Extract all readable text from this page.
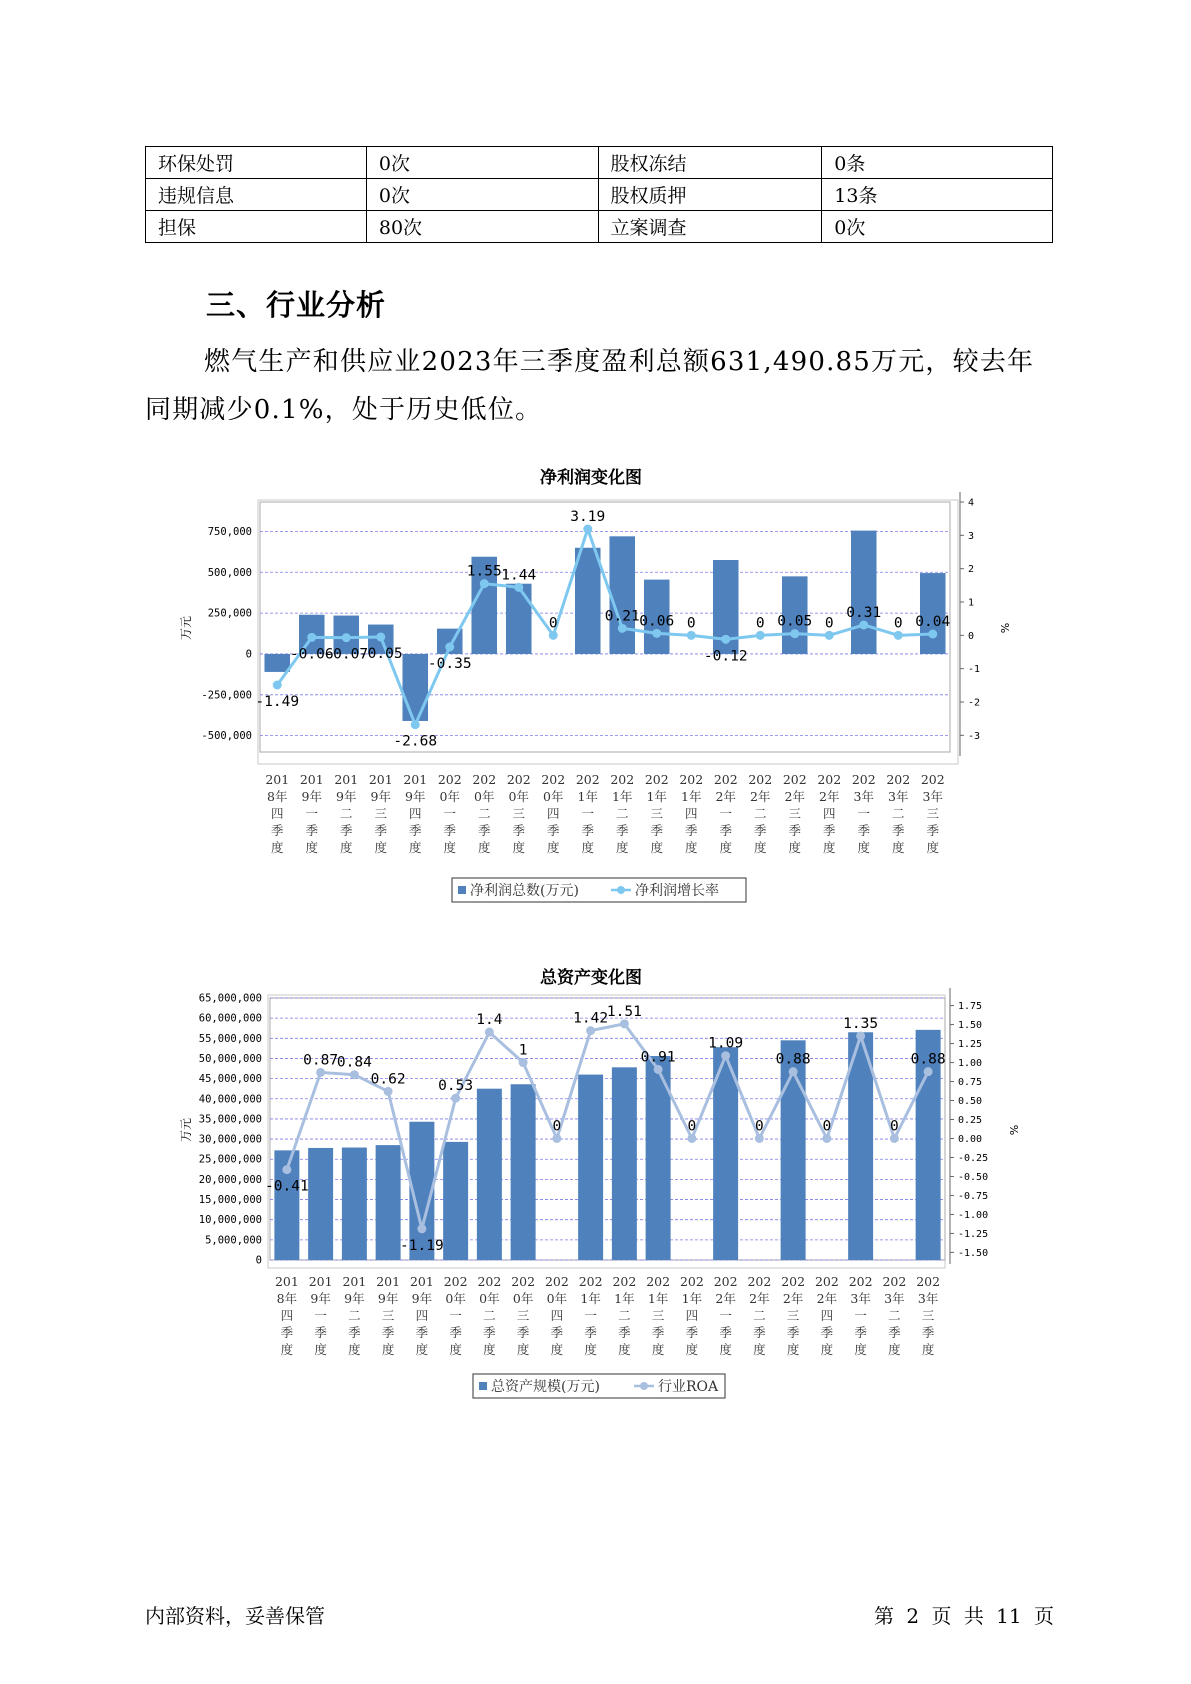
环保处罚	0次	股权冻结	0条
违规信息	0次	股权质押	13条
担保	80次	立案调查	0次
三、行业分析
燃气生产和供应业2023年三季度盈利总额631,490.85万元，较去年同期减少0.1%，处于历史低位。
净利润变化图
-500,000
-250,000
0
250,000
500,000
750,000
-3
-2
-1
0
1
2
3
4
万元	%
-1.49
-0.06
-0.07
-0.05
-2.68
-0.35
1.55 1.44
0
3.19
0.21 0.06 0
-0.12
0 0.05 0
0.31
0 0.04
201 8年四季度
201 9年一季度
201 9年二季度
201 9年三季度
201 9年四季度
202 0年一季度
202 0年二季度
202 0年三季度
202 0年四季度
202 1年一季度
202 1年二季度
202 1年三季度
202 1年四季度
202 2年一季度
202 2年二季度
202 2年三季度
202 2年四季度
202 3年一季度
202 3年二季度
202 3年三季度
净利润总数(万元)	净利润增长率
总资产变化图
0
5,000,000
10,000,000
15,000,000
20,000,000
25,000,000
30,000,000
35,000,000
40,000,000
45,000,000
50,000,000
55,000,000
60,000,000
65,000,000
-1.50
-1.25
-1.00
-0.75
-0.50
-0.25
0.00
0.25
0.50
0.75
1.00
1.25
1.50
1.75
万元	%
-0.41
0.87
0.84
0.62
-1.19
0.53
1.4
1
0
1.42
1.51
0.91
0
1.09
0
0.88
0
1.35
0
0.88
201 8年四季度
201 9年一季度
201 9年二季度
201 9年三季度
201 9年四季度
202 0年一季度
202 0年二季度
202 0年三季度
202 0年四季度
202 1年一季度
202 1年二季度
202 1年三季度
202 1年四季度
202 2年一季度
202 2年二季度
202 2年三季度
202 2年四季度
202 3年一季度
202 3年二季度
202 3年三季度
总资产规模(万元)	行业ROA
内部资料，妥善保管	第 2 页 共 11 页
